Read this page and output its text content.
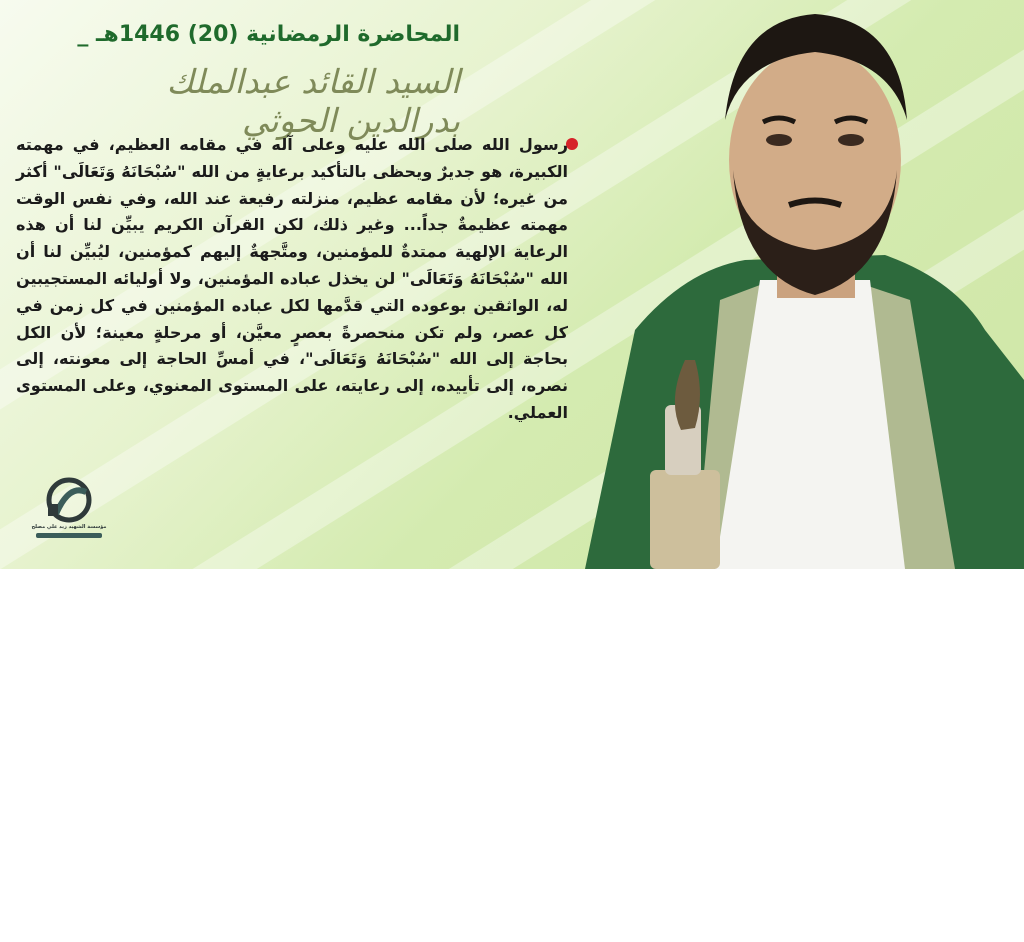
المحاضرة الرمضانية (20) 1446هـ _
السيد القائد عبدالملك بدرالدين الحوثي
رسول الله صلى الله عليه وعلى آله في مقامه العظيم، في مهمته الكبيرة، هو جديرٌ ويحظى بالتأكيد برعايةٍ من الله "سُبْحَانَهُ وَتَعَالَى" أكثر من غيره؛ لأن مقامه عظيم، منزلته رفيعة عند الله، وفي نفس الوقت مهمته عظيمةٌ جداً... وغير ذلك، لكن القرآن الكريم يبيِّن لنا أن هذه الرعاية الإلهية ممتدةٌ للمؤمنين، ومتَّجهةٌ إليهم كمؤمنين، ليُبيِّن لنا أن الله "سُبْحَانَهُ وَتَعَالَى" لن يخذل عباده المؤمنين، ولا أوليائه المستجيبين له، الواثقين بوعوده التي قدَّمها لكل عباده المؤمنين في كل زمن في كل عصر، ولم تكن منحصرةً بعصرٍ معيَّن، أو مرحلةٍ معينة؛ لأن الكل بحاجة إلى الله "سُبْحَانَهُ وَتَعَالَى"، في أمسِّ الحاجة إلى معونته، إلى نصره، إلى تأييده، إلى رعايته، على المستوى المعنوي، وعلى المستوى العملي.
مؤسسة الشهيد زيد علي مصلح
